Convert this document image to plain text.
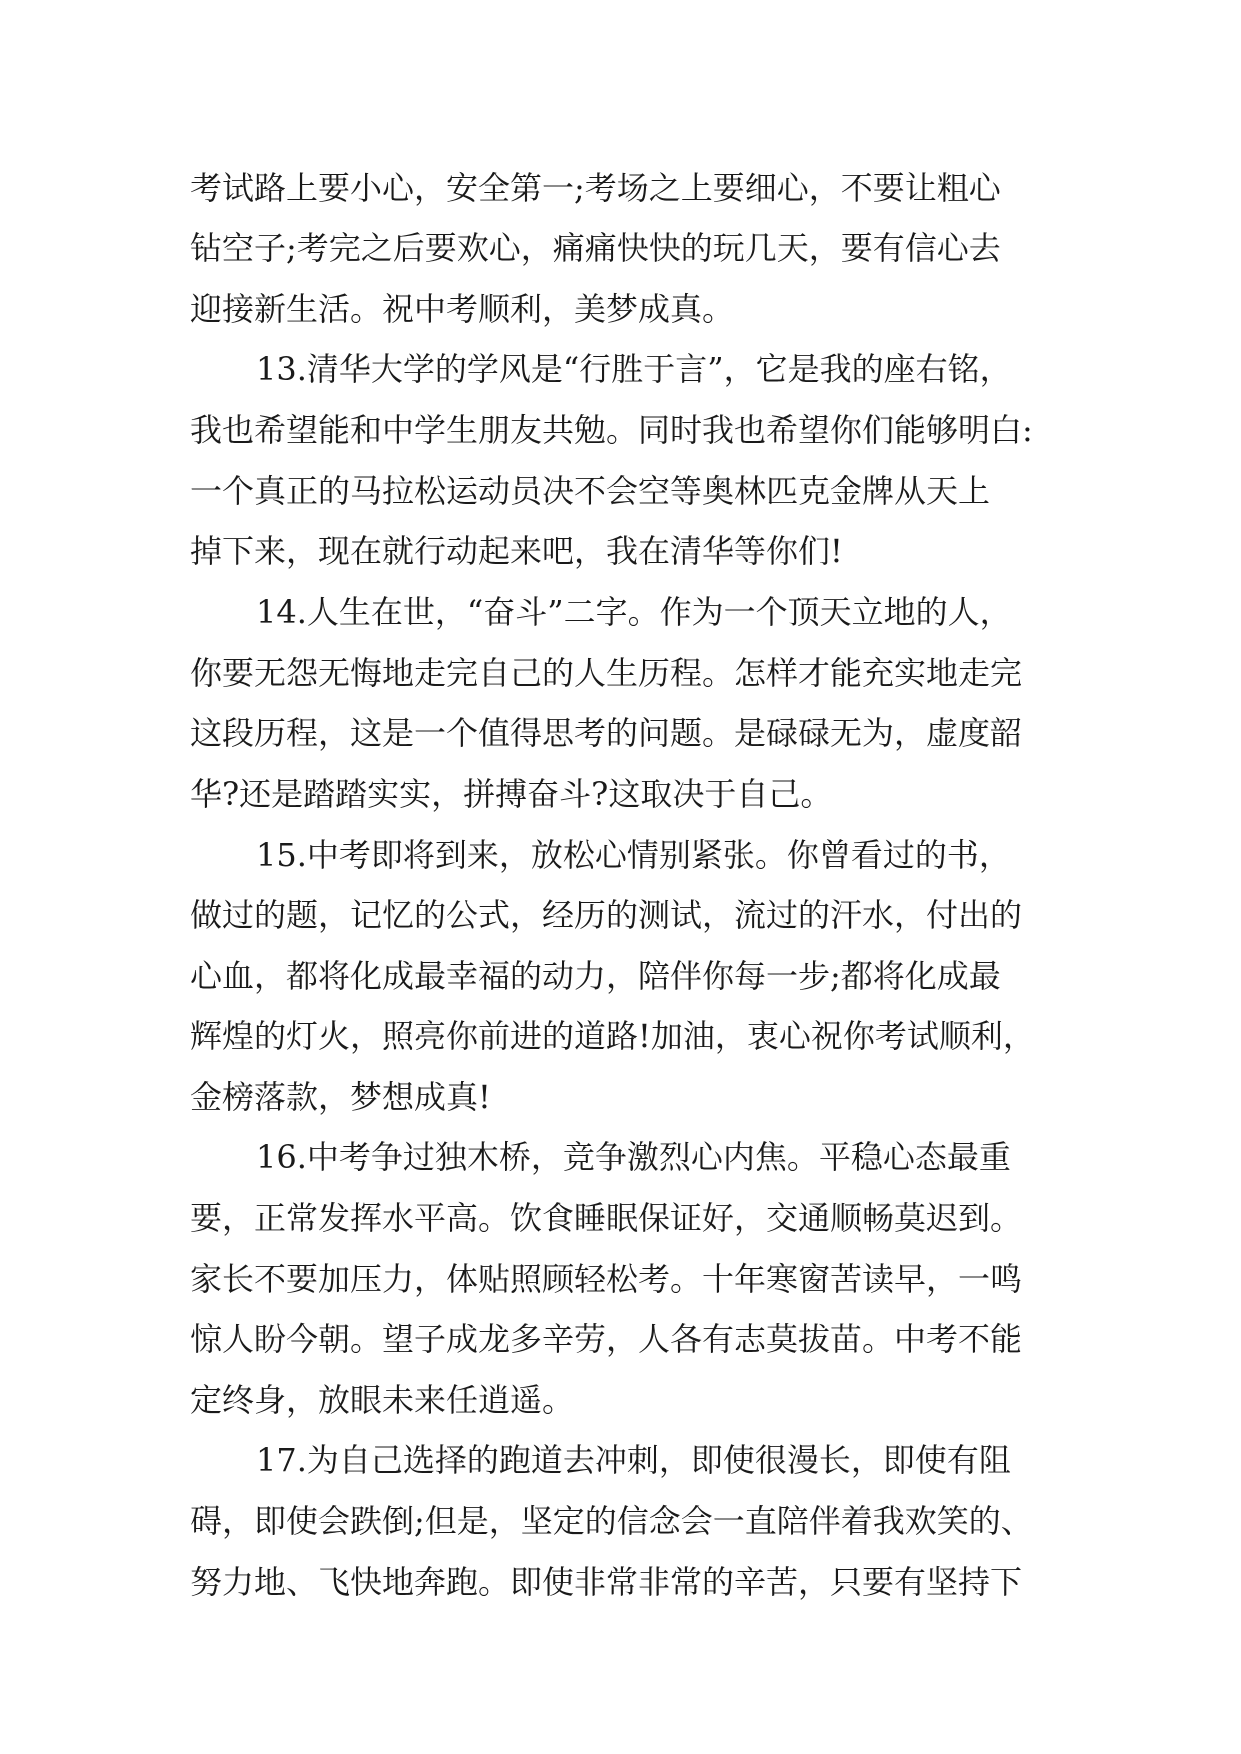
考试路上要小心，安全第一;考场之上要细心，不要让粗心
钻空子;考完之后要欢心，痛痛快快的玩几天，要有信心去
迎接新生活。祝中考顺利，美梦成真。
13.清华大学的学风是“行胜于言”，它是我的座右铭，
我也希望能和中学生朋友共勉。同时我也希望你们能够明白:
一个真正的马拉松运动员决不会空等奥林匹克金牌从天上
掉下来，现在就行动起来吧，我在清华等你们!
14.人生在世，“奋斗”二字。作为一个顶天立地的人，
你要无怨无悔地走完自己的人生历程。怎样才能充实地走完
这段历程，这是一个值得思考的问题。是碌碌无为，虚度韶
华?还是踏踏实实，拼搏奋斗?这取决于自己。
15.中考即将到来，放松心情别紧张。你曾看过的书，
做过的题，记忆的公式，经历的测试，流过的汗水，付出的
心血，都将化成最幸福的动力，陪伴你每一步;都将化成最
辉煌的灯火，照亮你前进的道路!加油，衷心祝你考试顺利，
金榜落款，梦想成真!
16.中考争过独木桥，竞争激烈心内焦。平稳心态最重
要，正常发挥水平高。饮食睡眠保证好，交通顺畅莫迟到。
家长不要加压力，体贴照顾轻松考。十年寒窗苦读早，一鸣
惊人盼今朝。望子成龙多辛劳，人各有志莫拔苗。中考不能
定终身，放眼未来任逍遥。
17.为自己选择的跑道去冲刺，即使很漫长，即使有阻
碍，即使会跌倒;但是，坚定的信念会一直陪伴着我欢笑的、
努力地、飞快地奔跑。即使非常非常的辛苦，只要有坚持下
